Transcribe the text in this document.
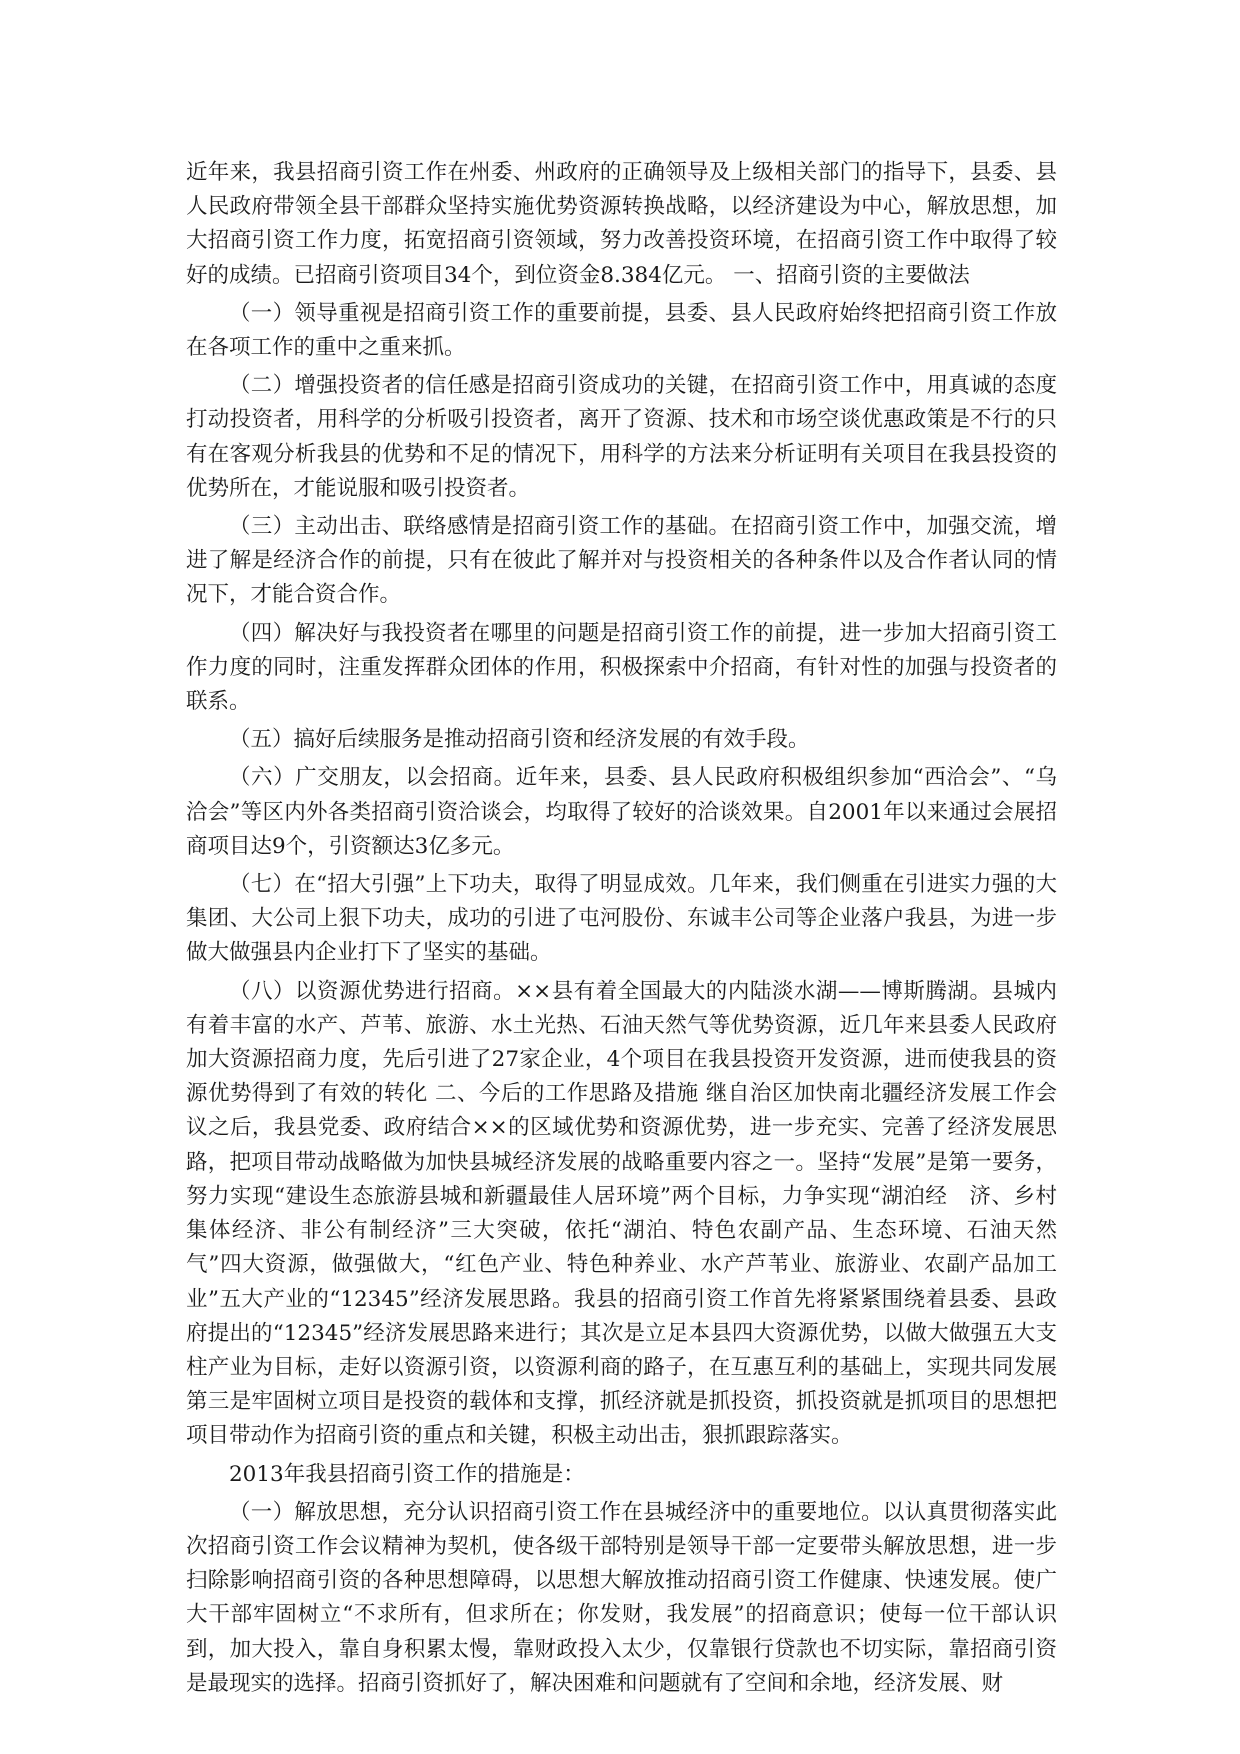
近年来，我县招商引资工作在州委、州政府的正确领导及上级相关部门的指导下，县委、县人民政府带领全县干部群众坚持实施优势资源转换战略，以经济建设为中心，解放思想，加大招商引资工作力度，拓宽招商引资领域，努力改善投资环境，在招商引资工作中取得了较好的成绩。已招商引资项目34个，到位资金8.384亿元。 一、招商引资的主要做法

（一）领导重视是招商引资工作的重要前提，县委、县人民政府始终把招商引资工作放在各项工作的重中之重来抓。

（二）增强投资者的信任感是招商引资成功的关键，在招商引资工作中，用真诚的态度打动投资者，用科学的分析吸引投资者，离开了资源、技术和市场空谈优惠政策是不行的只有在客观分析我县的优势和不足的情况下，用科学的方法来分析证明有关项目在我县投资的优势所在，才能说服和吸引投资者。

（三）主动出击、联络感情是招商引资工作的基础。在招商引资工作中，加强交流，增进了解是经济合作的前提，只有在彼此了解并对与投资相关的各种条件以及合作者认同的情况下，才能合资合作。

（四）解决好与我投资者在哪里的问题是招商引资工作的前提，进一步加大招商引资工作力度的同时，注重发挥群众团体的作用，积极探索中介招商，有针对性的加强与投资者的联系。

（五）搞好后续服务是推动招商引资和经济发展的有效手段。

（六）广交朋友，以会招商。近年来，县委、县人民政府积极组织参加“西洽会”、“乌洽会”等区内外各类招商引资洽谈会，均取得了较好的洽谈效果。自2001年以来通过会展招商项目达9个，引资额达3亿多元。

（七）在“招大引强”上下功夫，取得了明显成效。几年来，我们侧重在引进实力强的大集团、大公司上狠下功夫，成功的引进了屯河股份、东诚丰公司等企业落户我县，为进一步做大做强县内企业打下了坚实的基础。

（八）以资源优势进行招商。××县有着全国最大的内陆淡水湖——博斯腾湖。县城内有着丰富的水产、芦苇、旅游、水土光热、石油天然气等优势资源，近几年来县委人民政府加大资源招商力度，先后引进了27家企业，4个项目在我县投资开发资源，进而使我县的资源优势得到了有效的转化 二、今后的工作思路及措施 继自治区加快南北疆经济发展工作会议之后，我县党委、政府结合××的区域优势和资源优势，进一步充实、完善了经济发展思路，把项目带动战略做为加快县城经济发展的战略重要内容之一。坚持“发展”是第一要务，努力实现“建设生态旅游县城和新疆最佳人居环境”两个目标，力争实现“湖泊经　济、乡村集体经济、非公有制经济”三大突破，依托“湖泊、特色农副产品、生态环境、石油天然气”四大资源，做强做大，“红色产业、特色种养业、水产芦苇业、旅游业、农副产品加工业”五大产业的“12345”经济发展思路。我县的招商引资工作首先将紧紧围绕着县委、县政府提出的“12345”经济发展思路来进行；其次是立足本县四大资源优势，以做大做强五大支柱产业为目标，走好以资源引资，以资源利商的路子，在互惠互利的基础上，实现共同发展第三是牢固树立项目是投资的载体和支撑，抓经济就是抓投资，抓投资就是抓项目的思想把项目带动作为招商引资的重点和关键，积极主动出击，狠抓跟踪落实。

2013年我县招商引资工作的措施是：

（一）解放思想，充分认识招商引资工作在县城经济中的重要地位。以认真贯彻落实此次招商引资工作会议精神为契机，使各级干部特别是领导干部一定要带头解放思想，进一步扫除影响招商引资的各种思想障碍，以思想大解放推动招商引资工作健康、快速发展。使广大干部牢固树立“不求所有，但求所在；你发财，我发展”的招商意识；使每一位干部认识到，加大投入，靠自身积累太慢，靠财政投入太少，仅靠银行贷款也不切实际，靠招商引资是最现实的选择。招商引资抓好了，解决困难和问题就有了空间和余地，经济发展、财
